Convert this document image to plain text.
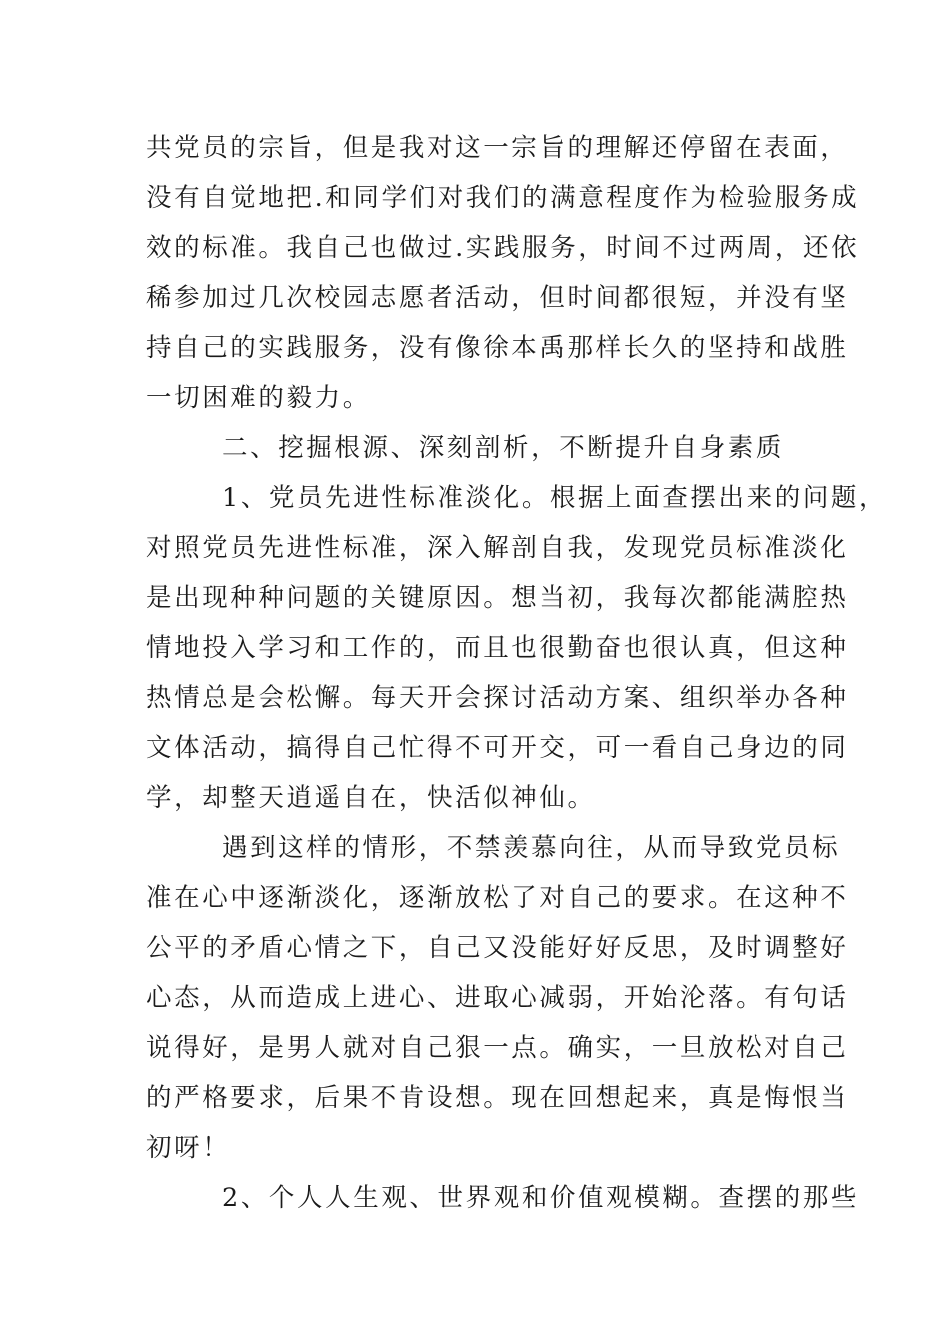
共党员的宗旨，但是我对这一宗旨的理解还停留在表面，
没有自觉地把.和同学们对我们的满意程度作为检验服务成
效的标准。我自己也做过.实践服务，时间不过两周，还依
稀参加过几次校园志愿者活动，但时间都很短，并没有坚
持自己的实践服务，没有像徐本禹那样长久的坚持和战胜
一切困难的毅力。
二、挖掘根源、深刻剖析，不断提升自身素质
1、党员先进性标准淡化。根据上面查摆出来的问题，
对照党员先进性标准，深入解剖自我，发现党员标准淡化
是出现种种问题的关键原因。想当初，我每次都能满腔热
情地投入学习和工作的，而且也很勤奋也很认真，但这种
热情总是会松懈。每天开会探讨活动方案、组织举办各种
文体活动，搞得自己忙得不可开交，可一看自己身边的同
学，却整天逍遥自在，快活似神仙。
遇到这样的情形，不禁羡慕向往，从而导致党员标
准在心中逐渐淡化，逐渐放松了对自己的要求。在这种不
公平的矛盾心情之下，自己又没能好好反思，及时调整好
心态，从而造成上进心、进取心减弱，开始沦落。有句话
说得好，是男人就对自己狠一点。确实，一旦放松对自己
的严格要求，后果不肯设想。现在回想起来，真是悔恨当
初呀！
2、个人人生观、世界观和价值观模糊。查摆的那些
